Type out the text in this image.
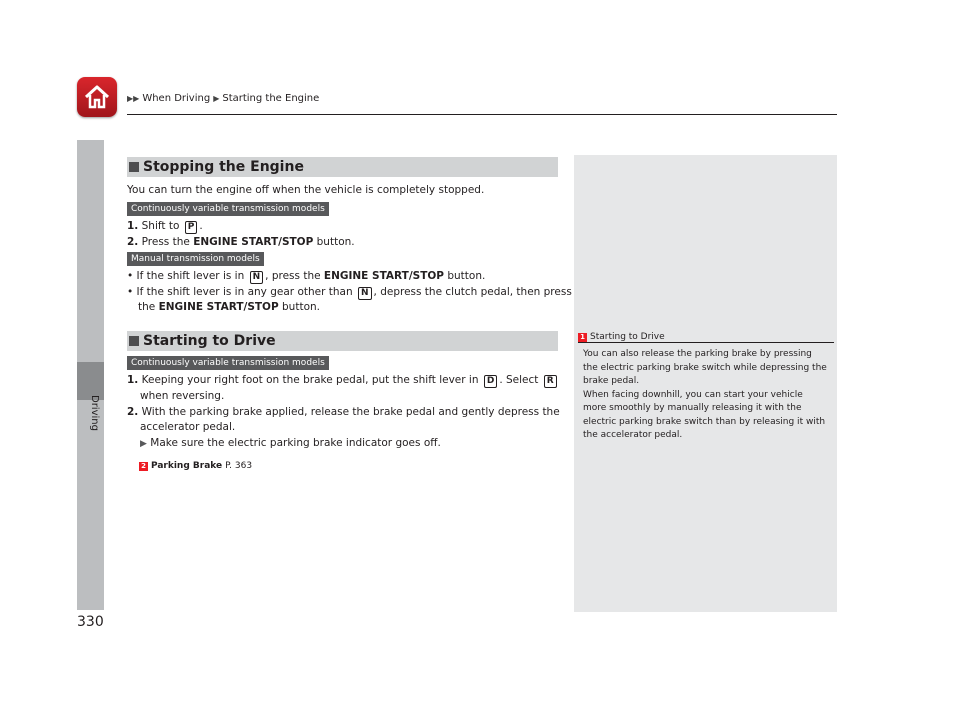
▶▶ When Driving ▶ Starting the Engine
Driving
330
Stopping the Engine
You can turn the engine off when the vehicle is completely stopped.
Continuously variable transmission models
1. Shift to P .
2. Press the ENGINE START/STOP button.
Manual transmission models
• If the shift lever is in N , press the ENGINE START/STOP button.
• If the shift lever is in any gear other than N , depress the clutch pedal, then press
the ENGINE START/STOP button.
Starting to Drive
Continuously variable transmission models
1. Keeping your right foot on the brake pedal, put the shift lever in D . Select R
when reversing.
2. With the parking brake applied, release the brake pedal and gently depress the
accelerator pedal.
▶ Make sure the electric parking brake indicator goes off.
2 Parking Brake P. 363
1 Starting to Drive
You can also release the parking brake by pressing
the electric parking brake switch while depressing the
brake pedal.
When facing downhill, you can start your vehicle
more smoothly by manually releasing it with the
electric parking brake switch than by releasing it with
the accelerator pedal.
